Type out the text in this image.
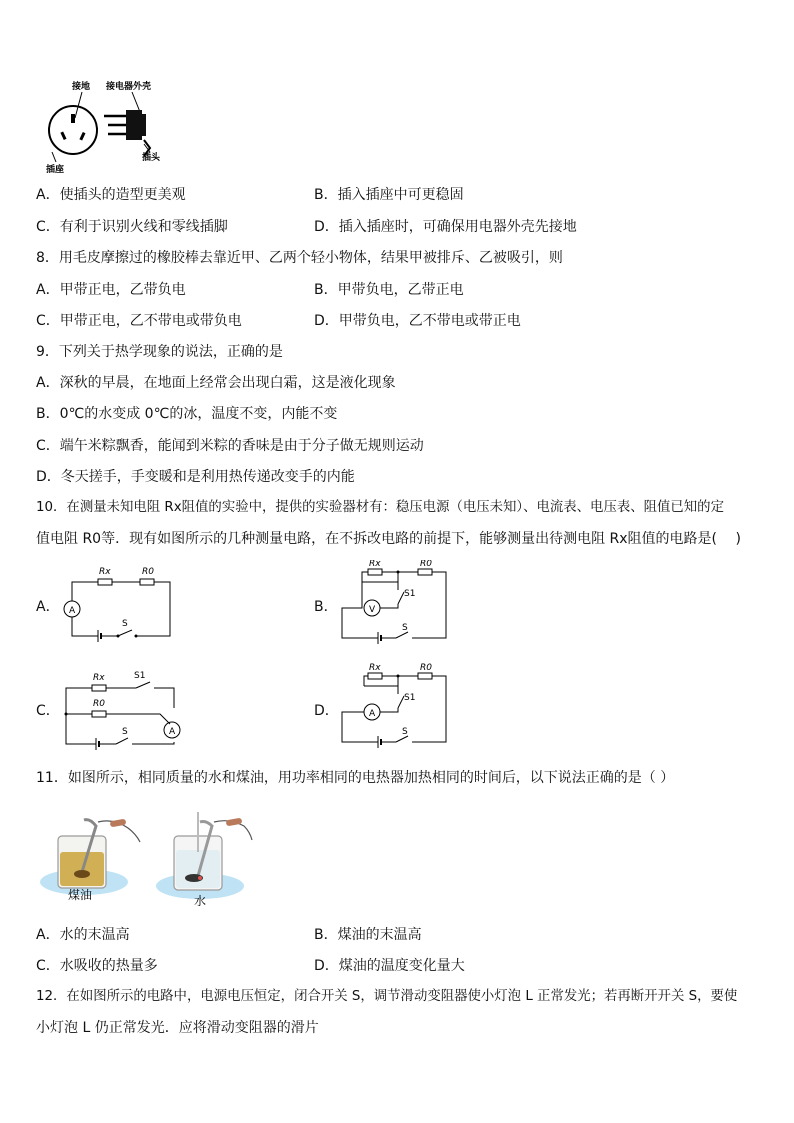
接地 接电器外壳
插座
插头
A．使插头的造型更美观	B．插入插座中可更稳固
C．有利于识别火线和零线插脚	D．插入插座时，可确保用电器外壳先接地
8．用毛皮摩擦过的橡胶棒去靠近甲、乙两个轻小物体，结果甲被排斥、乙被吸引，则
A．甲带正电，乙带负电	B．甲带负电，乙带正电
C．甲带正电，乙不带电或带负电	D．甲带负电，乙不带电或带正电
9．下列关于热学现象的说法，正确的是
A．深秋的早晨，在地面上经常会出现白霜，这是液化现象
B．0℃的水变成 0℃的冰，温度不变，内能不变
C．端午米粽飘香，能闻到米粽的香味是由于分子做无规则运动
D．冬天搓手，手变暖和是利用热传递改变手的内能
10．在测量未知电阻 Rx阻值的实验中，提供的实验器材有：稳压电源（电压未知）、电流表、电压表、阻值已知的定
值电阻 R0等．现有如图所示的几种测量电路，在不拆改电路的前提下，能够测量出待测电阻 Rx阻值的电路是(　 )
A．	B．
C．	D．
A
Rx	R0
S
V
Rx	R0
S1
S
A
Rx
R0
S1
S
A
Rx	R0
S1
S
11．如图所示，相同质量的水和煤油，用功率相同的电热器加热相同的时间后，以下说法正确的是（ ）
煤油	水
A．水的末温高	B．煤油的末温高
C．水吸收的热量多	D．煤油的温度变化量大
12．在如图所示的电路中，电源电压恒定，闭合开关 S，调节滑动变阻器使小灯泡 L 正常发光；若再断开开关 S，要使
小灯泡 L 仍正常发光．应将滑动变阻器的滑片
